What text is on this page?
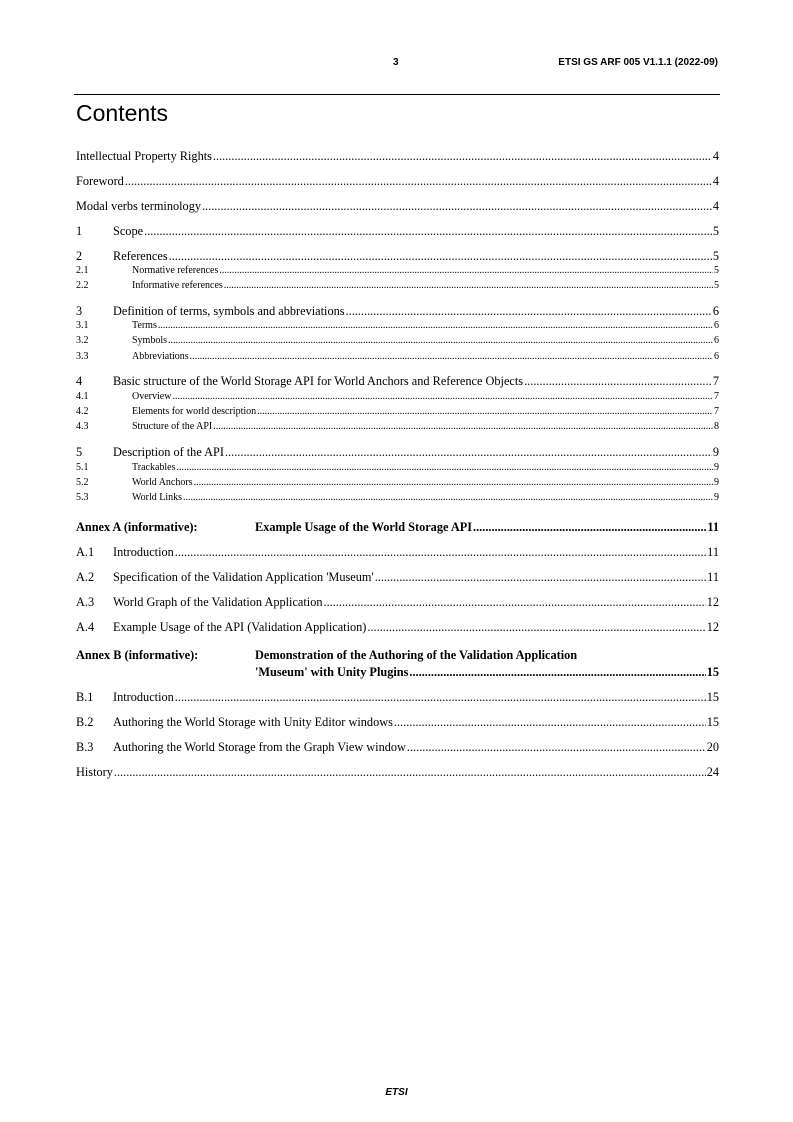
3	ETSI GS ARF 005 V1.1.1 (2022-09)
Contents
Intellectual Property Rights .....	4
Foreword .....	4
Modal verbs terminology .....	4
1	Scope .....	5
2	References .....	5
2.1	Normative references .....	5
2.2	Informative references .....	5
3	Definition of terms, symbols and abbreviations .....	6
3.1	Terms .....	6
3.2	Symbols .....	6
3.3	Abbreviations .....	6
4	Basic structure of the World Storage API for World Anchors and Reference Objects .....	7
4.1	Overview .....	7
4.2	Elements for world description .....	7
4.3	Structure of the API .....	8
5	Description of the API .....	9
5.1	Trackables .....	9
5.2	World Anchors .....	9
5.3	World Links .....	9
Annex A (informative):	Example Usage of the World Storage API .....	11
A.1	Introduction .....	11
A.2	Specification of the Validation Application 'Museum' .....	11
A.3	World Graph of the Validation Application .....	12
A.4	Example Usage of the API (Validation Application) .....	12
Annex B (informative):	Demonstration of the Authoring of the Validation Application
'Museum' with Unity Plugins .....	15
B.1	Introduction .....	15
B.2	Authoring the World Storage with Unity Editor windows .....	15
B.3	Authoring the World Storage from the Graph View window .....	20
History .....	24
ETSI
